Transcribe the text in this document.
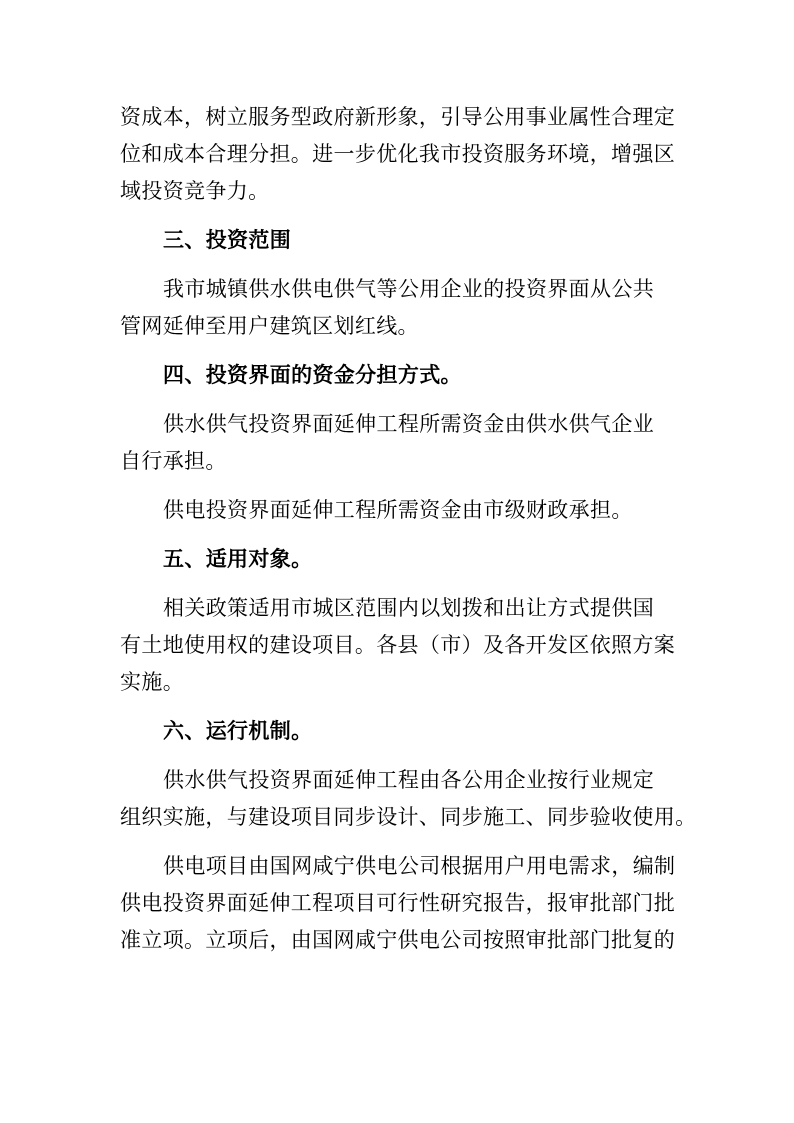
资成本，树立服务型政府新形象，引导公用事业属性合理定
位和成本合理分担。进一步优化我市投资服务环境，增强区
域投资竞争力。
三、投资范围
我市城镇供水供电供气等公用企业的投资界面从公共
管网延伸至用户建筑区划红线。
四、投资界面的资金分担方式。
供水供气投资界面延伸工程所需资金由供水供气企业
自行承担。
供电投资界面延伸工程所需资金由市级财政承担。
五、适用对象。
相关政策适用市城区范围内以划拨和出让方式提供国
有土地使用权的建设项目。各县（市）及各开发区依照方案
实施。
六、运行机制。
供水供气投资界面延伸工程由各公用企业按行业规定
组织实施，与建设项目同步设计、同步施工、同步验收使用。
供电项目由国网咸宁供电公司根据用户用电需求，编制
供电投资界面延伸工程项目可行性研究报告，报审批部门批
准立项。立项后，由国网咸宁供电公司按照审批部门批复的
